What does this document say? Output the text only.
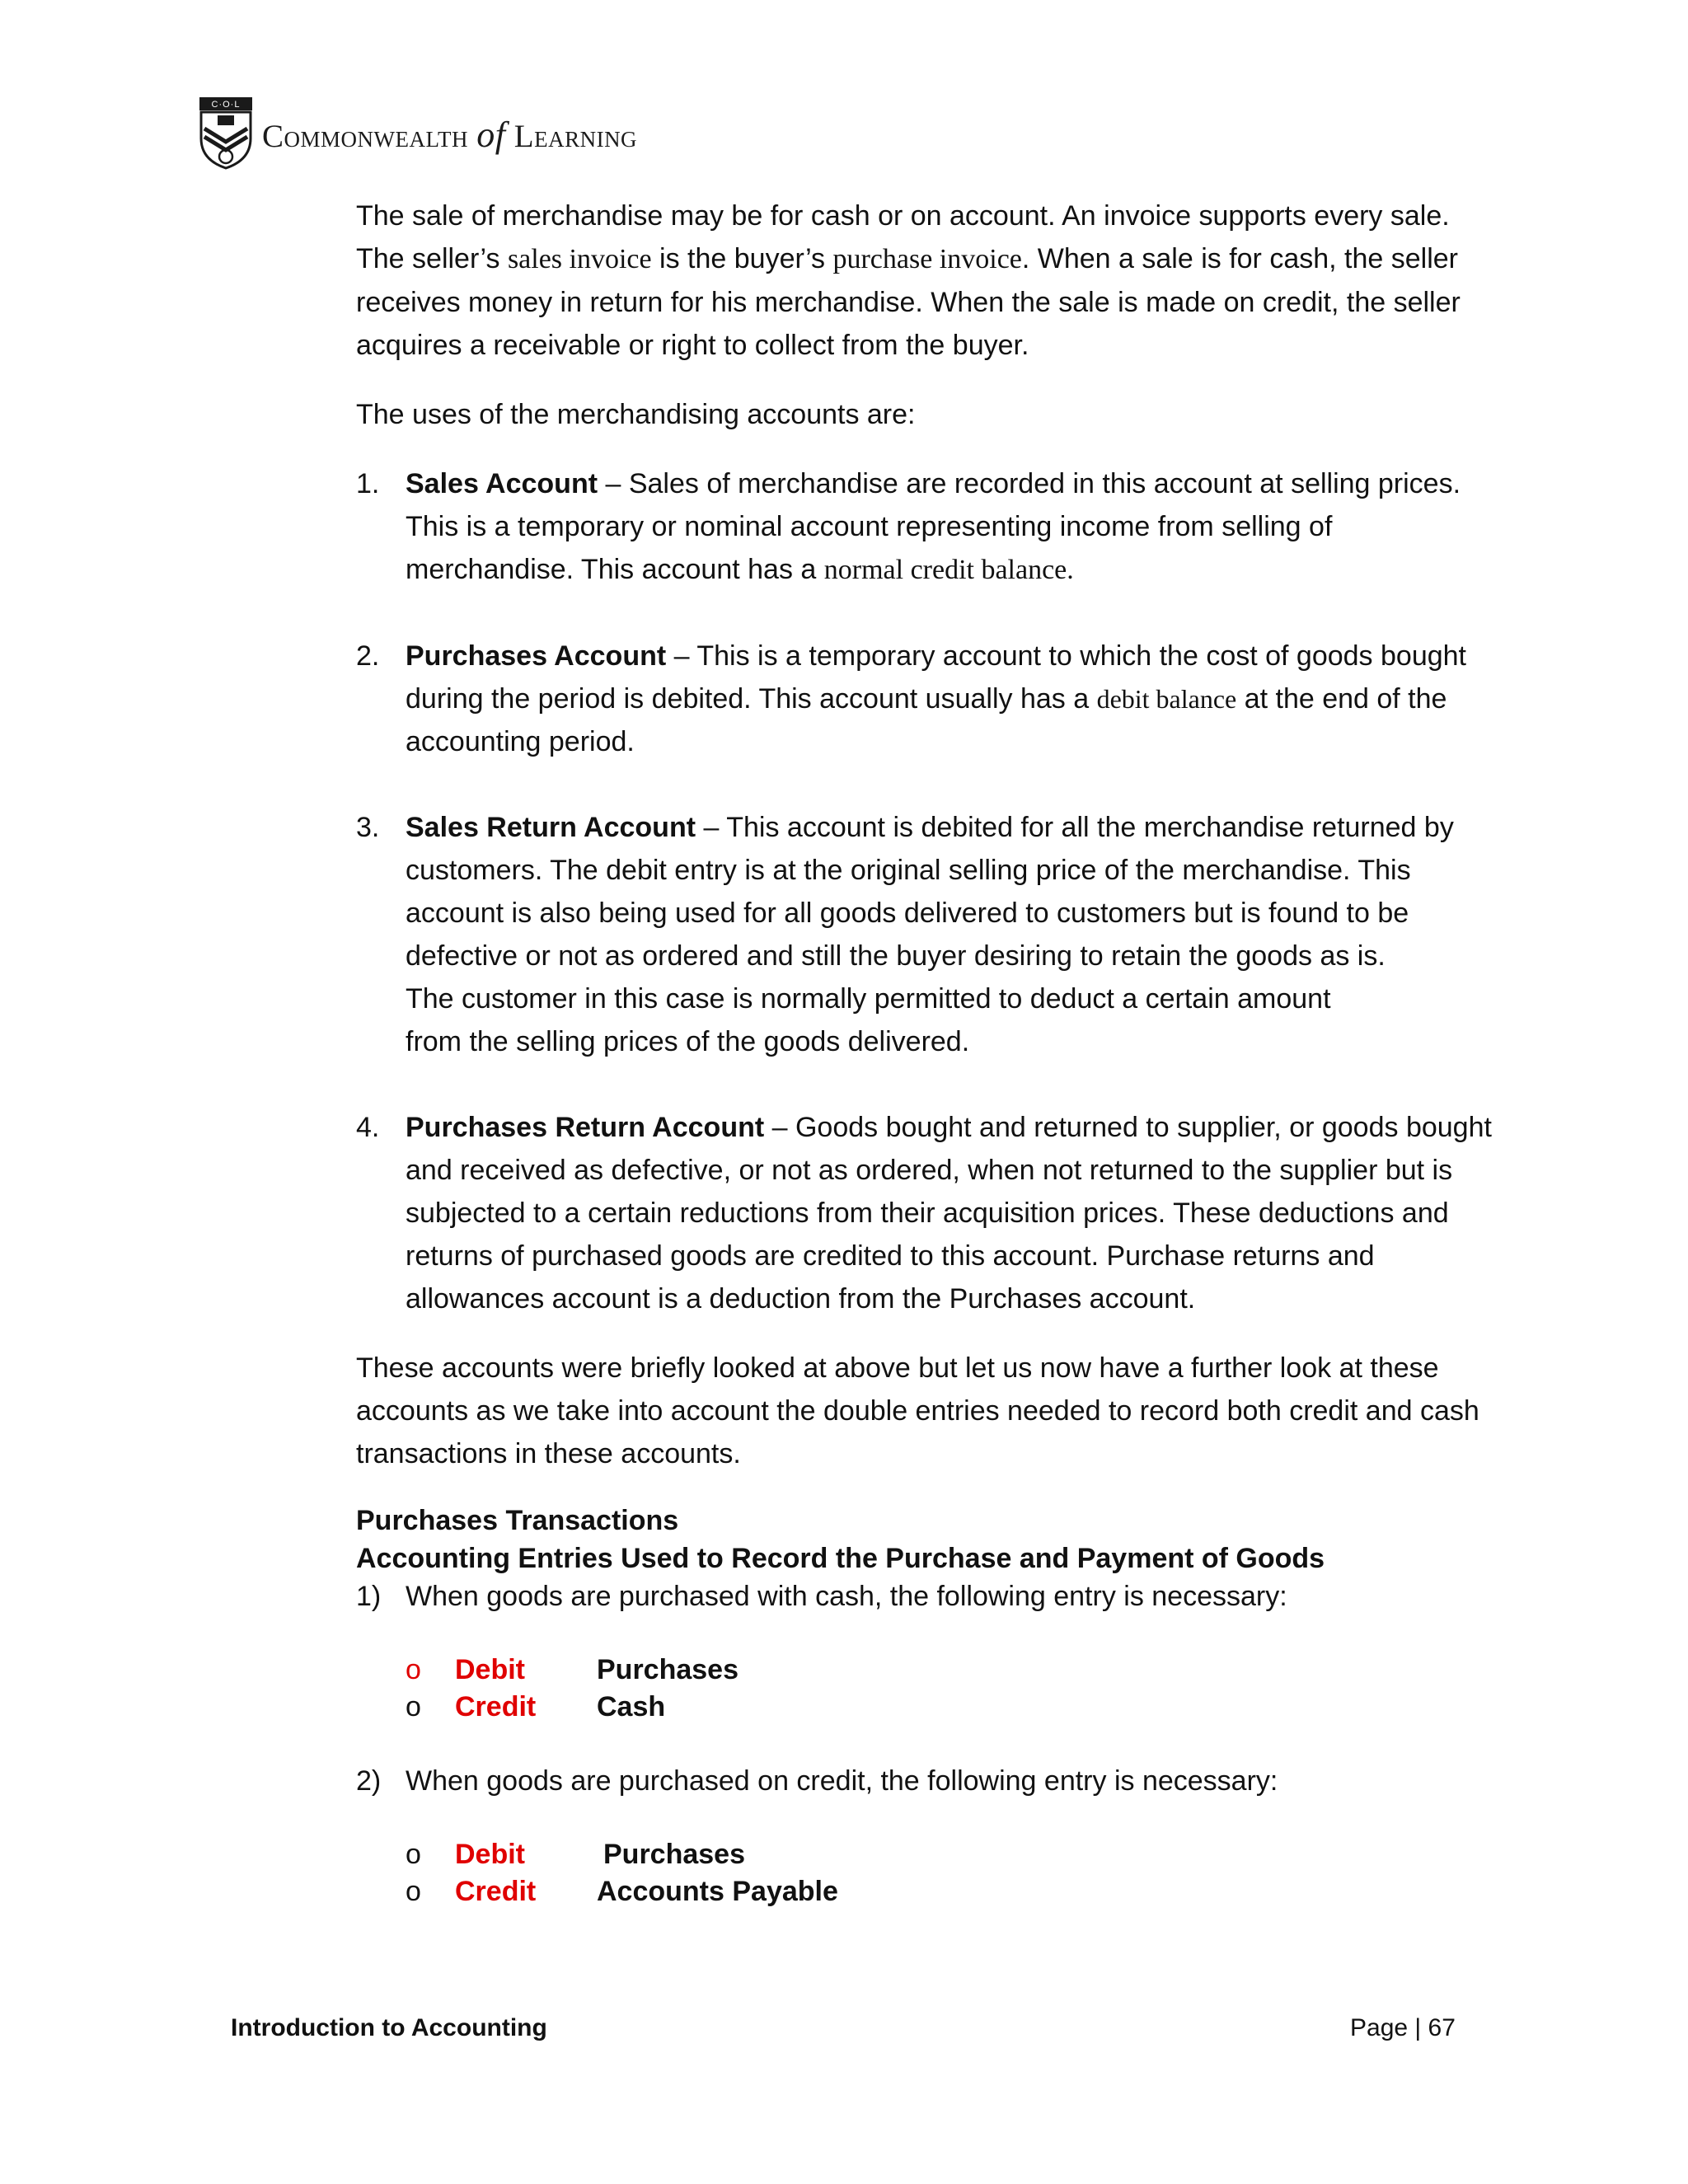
C·O·L
Commonwealth of Learning

The sale of merchandise may be for cash or on account. An invoice supports every sale. The seller’s sales invoice is the buyer’s purchase invoice. When a sale is for cash, the seller receives money in return for his merchandise. When the sale is made on credit, the seller acquires a receivable or right to collect from the buyer.

The uses of the merchandising accounts are:

1. Sales Account – Sales of merchandise are recorded in this account at selling prices. This is a temporary or nominal account representing income from selling of merchandise. This account has a normal credit balance.
2. Purchases Account – This is a temporary account to which the cost of goods bought during the period is debited. This account usually has a debit balance at the end of the accounting period.
3. Sales Return Account – This account is debited for all the merchandise returned by customers. The debit entry is at the original selling price of the merchandise. This account is also being used for all goods delivered to customers but is found to be defective or not as ordered and still the buyer desiring to retain the goods as is.
The customer in this case is normally permitted to deduct a certain amount
from the selling prices of the goods delivered.
4. Purchases Return Account – Goods bought and returned to supplier, or goods bought and received as defective, or not as ordered, when not returned to the supplier but is subjected to a certain reductions from their acquisition prices. These deductions and returns of purchased goods are credited to this account. Purchase returns and allowances account is a deduction from the Purchases account.

These accounts were briefly looked at above but let us now have a further look at these accounts as we take into account the double entries needed to record both credit and cash transactions in these accounts.

Purchases Transactions
Accounting Entries Used to Record the Purchase and Payment of Goods
1) When goods are purchased with cash, the following entry is necessary:
o Debit	Purchases
o Credit Cash
2) When goods are purchased on credit, the following entry is necessary:
o Debit	Purchases
o Credit Accounts Payable
Introduction to Accounting	Page | 67
